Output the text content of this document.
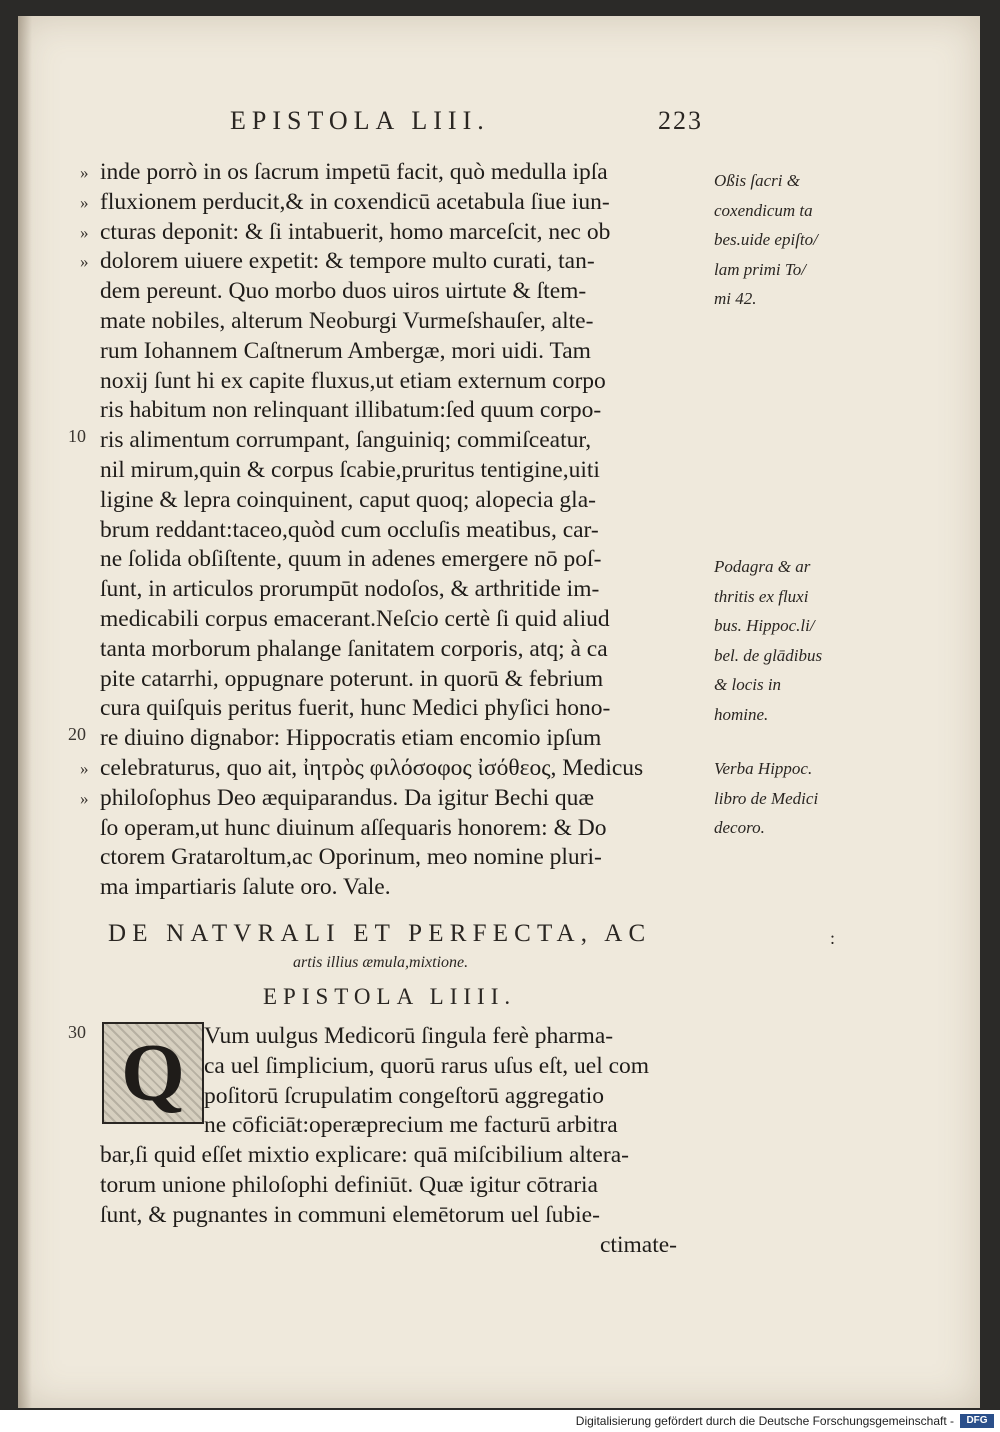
EPISTOLA LIII.	223
» inde porrò in os ſacrum impetū facit, quò medulla ipſa
» fluxionem perducit,& in coxendicū acetabula ſiue iun-
» cturas deponit: & ſi intabuerit, homo marceſcit, nec ob
» dolorem uiuere expetit: & tempore multo curati, tan-
dem pereunt. Quo morbo duos uiros uirtute & ſtem-
mate nobiles, alterum Neoburgi Vurmeſshauſer, alte-
rum Iohannem Caſtnerum Ambergæ, mori uidi. Tam
noxij ſunt hi ex capite fluxus,ut etiam externum corpo
ris habitum non relinquant illibatum:ſed quum corpo-
10 ris alimentum corrumpant, ſanguiniq; commiſceatur,
nil mirum,quin & corpus ſcabie,pruritus tentigine,uiti
ligine & lepra coinquinent, caput quoq; alopecia gla-
brum reddant:taceo,quòd cum occluſis meatibus, car-
ne ſolida obſiſtente, quum in adenes emergere nō poſ-
ſunt, in articulos prorumpūt nodoſos, & arthritide im-
medicabili corpus emacerant.Neſcio certè ſi quid aliud
tanta morborum phalange ſanitatem corporis, atq; à ca
pite catarrhi, oppugnare poterunt. in quorū & febrium
cura quiſquis peritus fuerit, hunc Medici phyſici hono-
20 re diuino dignabor: Hippocratis etiam encomio ipſum
» celebraturus, quo ait, ἰητρὸς φιλόσοφος ἰσόθεος, Medicus
» philoſophus Deo æquiparandus. Da igitur Bechi quæ
ſo operam,ut hunc diuinum aſſequaris honorem: & Do
ctorem Grataroltum,ac Oporinum, meo nomine pluri-
ma impartiaris ſalute oro. Vale.
Oßis ſacri &
coxendicum ta
bes.uide epiſto/
lam primi To/
mi 42.
Podagra & ar
thritis ex fluxi
bus. Hippoc.li/
bel. de glādibus
& locis in
homine.
Verba Hippoc.
libro de Medici
decoro.
DE NATVRALI ET PERFECTA, AC
artis illius æmula,mixtione.
:
EPISTOLA LIIII.
Q
30	Vum uulgus Medicorū ſingula ferè pharma-
ca uel ſimplicium, quorū rarus uſus eſt, uel com
poſitorū ſcrupulatim congeſtorū aggregatio
ne cōficiāt:operæprecium me facturū arbitra
bar,ſi quid eſſet mixtio explicare: quā miſcibilium altera-
torum unione philoſophi definiūt. Quæ igitur cōtraria
ſunt, & pugnantes in communi elemētorum uel ſubie-
ctimate-
Digitalisierung gefördert durch die Deutsche Forschungsgemeinschaft -	DFG
